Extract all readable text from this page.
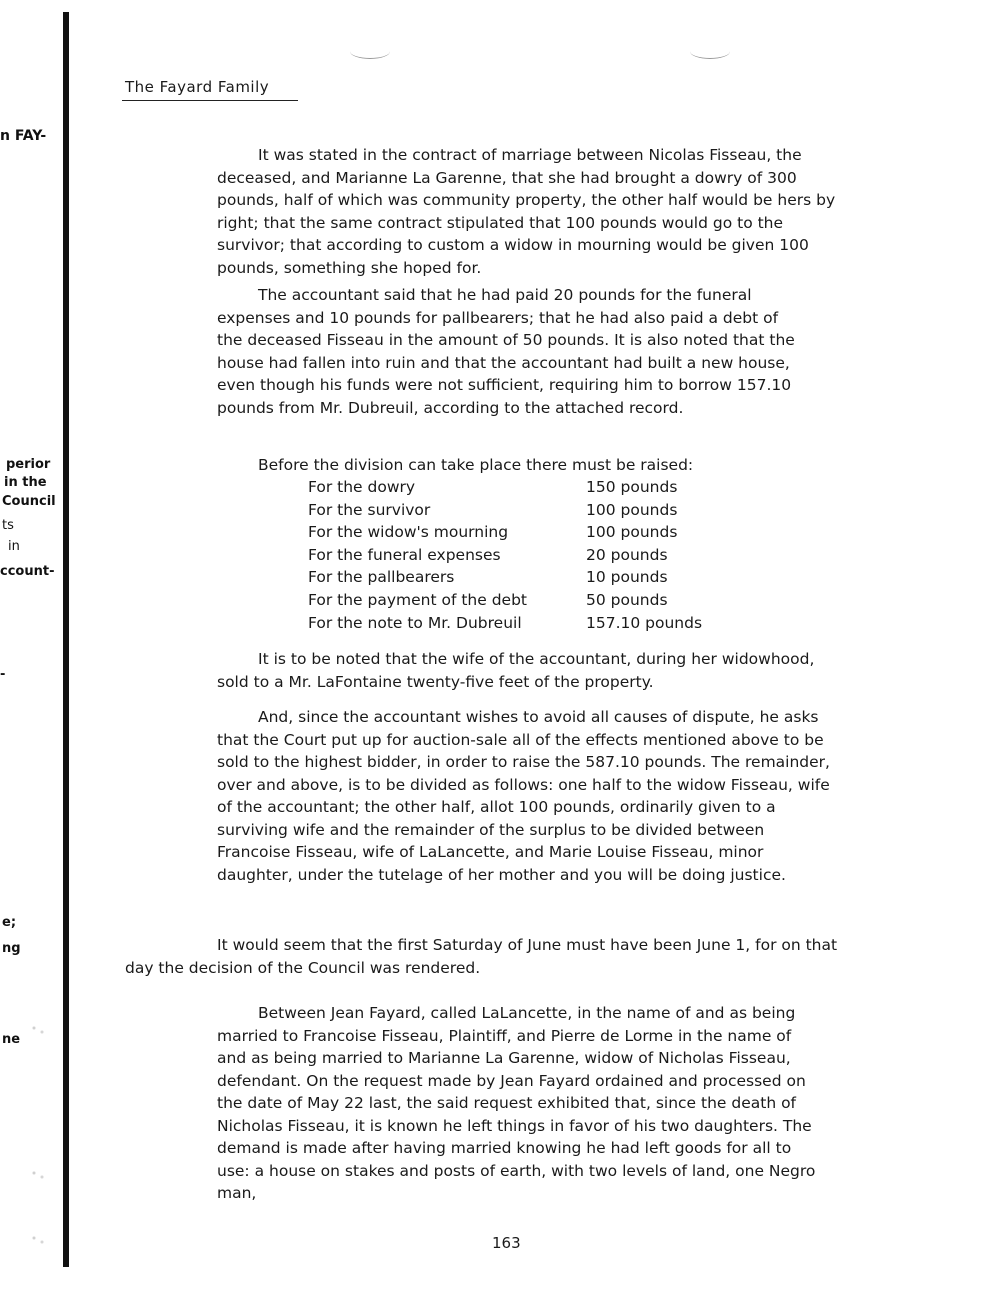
n FAY-
perior
in the
Council
ts
in
ccount-
-
e;
ng
ne
The Fayard Family

It was stated in the contract of marriage between Nicolas Fisseau, the deceased, and Marianne La Garenne, that she had brought a dowry of 300 pounds, half of which was community property, the other half would be hers by right; that the same contract stipulated that 100 pounds would go to the survivor; that according to custom a widow in mourning would be given 100 pounds, something she hoped for.

The accountant said that he had paid 20 pounds for the funeral expenses and 10 pounds for pallbearers; that he had also paid a debt of the deceased Fisseau in the amount of 50 pounds. It is also noted that the house had fallen into ruin and that the accountant had built a new house, even though his funds were not sufficient, requiring him to borrow 157.10 pounds from Mr. Dubreuil, according to the attached record.

Before the division can take place there must be raised:

For the dowry	150 pounds
For the survivor	100 pounds
For the widow's mourning	100 pounds
For the funeral expenses	20 pounds
For the pallbearers	10 pounds
For the payment of the debt	50 pounds
For the note to Mr. Dubreuil	157.10 pounds

It is to be noted that the wife of the accountant, during her widowhood, sold to a Mr. LaFontaine twenty-five feet of the property.

And, since the accountant wishes to avoid all causes of dispute, he asks that the Court put up for auction-sale all of the effects mentioned above to be sold to the highest bidder, in order to raise the 587.10 pounds. The remainder, over and above, is to be divided as follows: one half to the widow Fisseau, wife of the accountant; the other half, allot 100 pounds, ordinarily given to a surviving wife and the remainder of the surplus to be divided between Francoise Fisseau, wife of LaLancette, and Marie Louise Fisseau, minor daughter, under the tutelage of her mother and you will be doing justice.

It would seem that the first Saturday of June must have been June 1, for on that day the decision of the Council was rendered.

Between Jean Fayard, called LaLancette, in the name of and as being married to Francoise Fisseau, Plaintiff, and Pierre de Lorme in the name of and as being married to Marianne La Garenne, widow of Nicholas Fisseau, defendant. On the request made by Jean Fayard ordained and processed on the date of May 22 last, the said request exhibited that, since the death of Nicholas Fisseau, it is known he left things in favor of his two daughters. The demand is made after having married knowing he had left goods for all to use: a house on stakes and posts of earth, with two levels of land, one Negro man,

163
